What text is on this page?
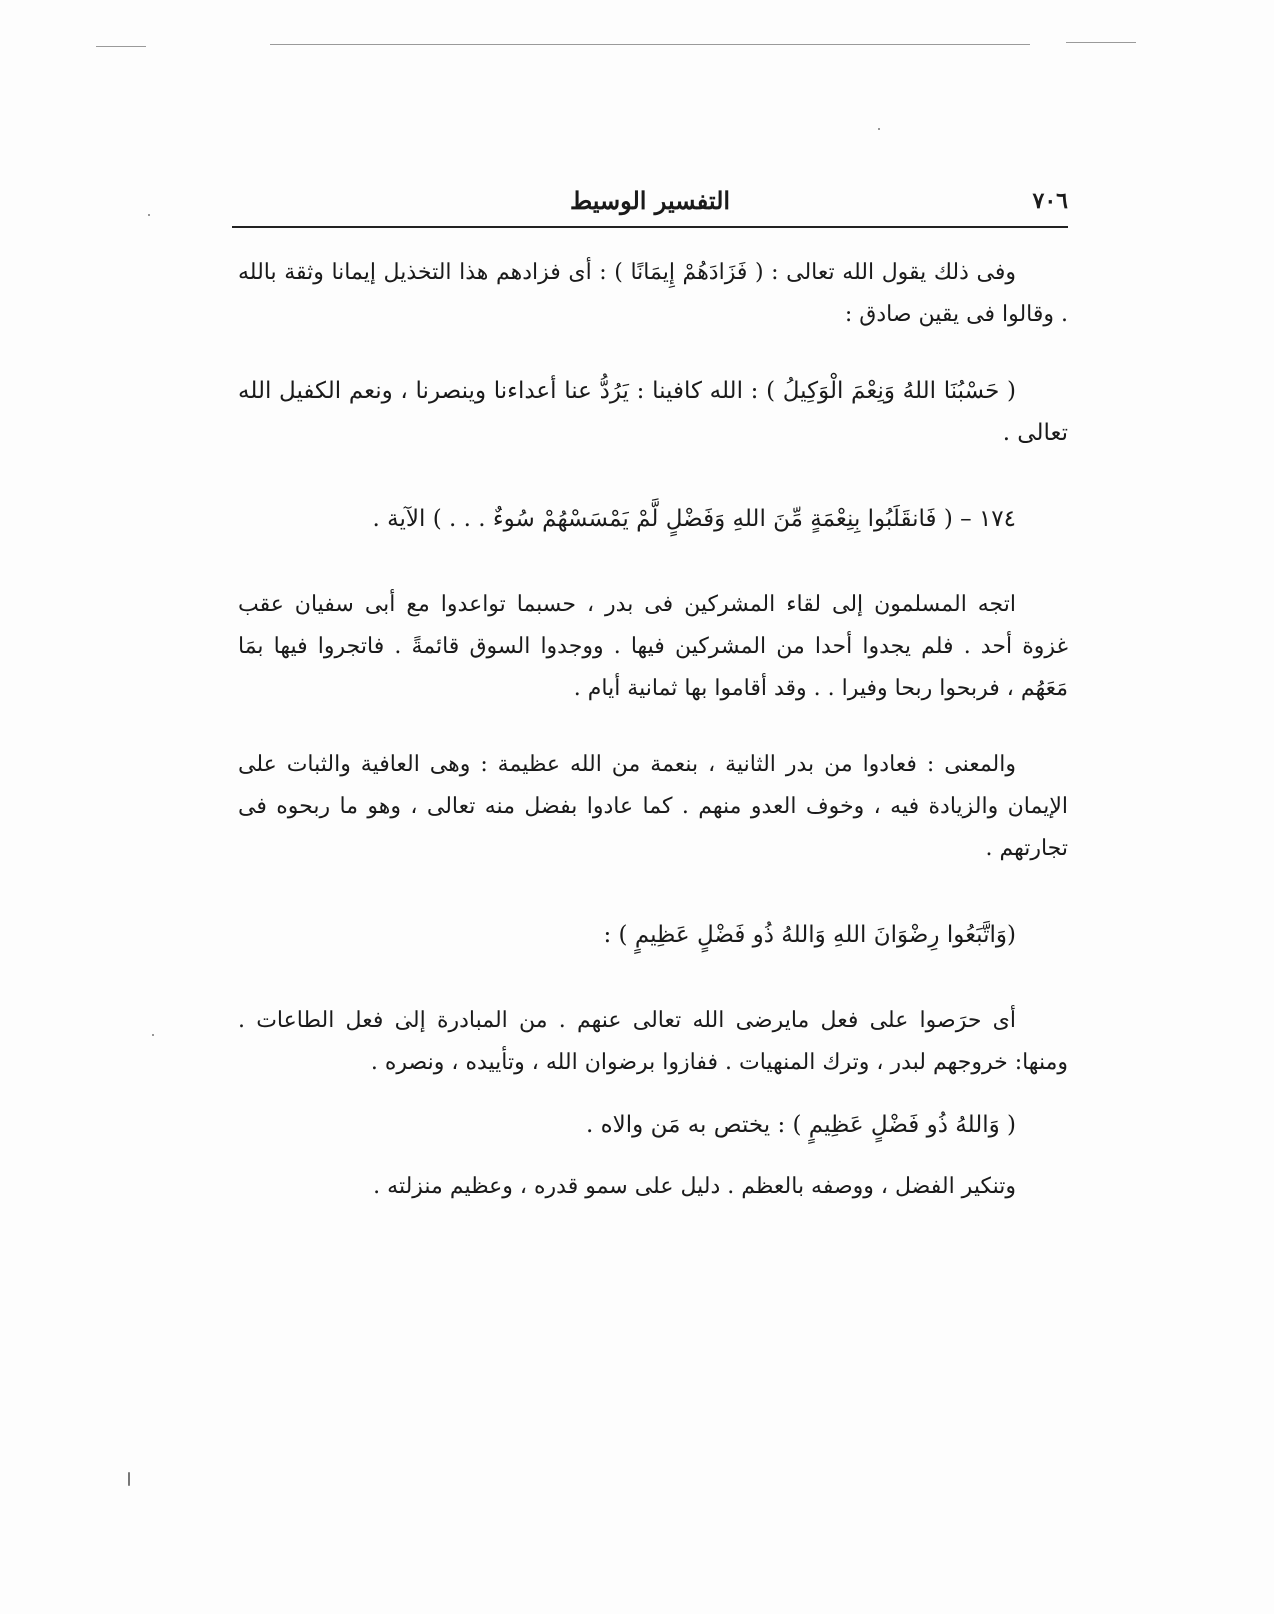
٧٠٦
التفسير الوسيط

وفى ذلك يقول الله تعالى : ( فَزَادَهُمْ إِيمَانًا ) : أى فزادهم هذا التخذيل إيمانا وثقة بالله . وقالوا فى يقين صادق :

( حَسْبُنَا اللهُ وَنِعْمَ الْوَكِيلُ ) : الله كافينا : يَرُدُّ عنا أعداءنا وينصرنا ، ونعم الكفيل الله تعالى .

١٧٤ – ( فَانقَلَبُوا بِنِعْمَةٍ مِّنَ اللهِ وَفَضْلٍ لَّمْ يَمْسَسْهُمْ سُوءٌ . . . ) الآية .

اتجه المسلمون إلى لقاء المشركين فى بدر ، حسبما تواعدوا مع أبى سفيان عقب غزوة أحد . فلم يجدوا أحدا من المشركين فيها . ووجدوا السوق قائمةً . فاتجروا فيها بمَا مَعَهُم ، فربحوا ربحا وفيرا . . وقد أقاموا بها ثمانية أيام .

والمعنى : فعادوا من بدر الثانية ، بنعمة من الله عظيمة : وهى العافية والثبات على الإيمان والزيادة فيه ، وخوف العدو منهم . كما عادوا بفضل منه تعالى ، وهو ما ربحوه فى تجارتهم .

(وَاتَّبَعُوا رِضْوَانَ اللهِ وَاللهُ ذُو فَضْلٍ عَظِيمٍ ) :

أى حرَصوا على فعل مايرضى الله تعالى عنهم . من المبادرة إلى فعل الطاعات . ومنها: خروجهم لبدر ، وترك المنهيات . ففازوا برضوان الله ، وتأييده ، ونصره .

( وَاللهُ ذُو فَضْلٍ عَظِيمٍ ) : يختص به مَن والاه .

وتنكير الفضل ، ووصفه بالعظم . دليل على سمو قدره ، وعظيم منزلته .
